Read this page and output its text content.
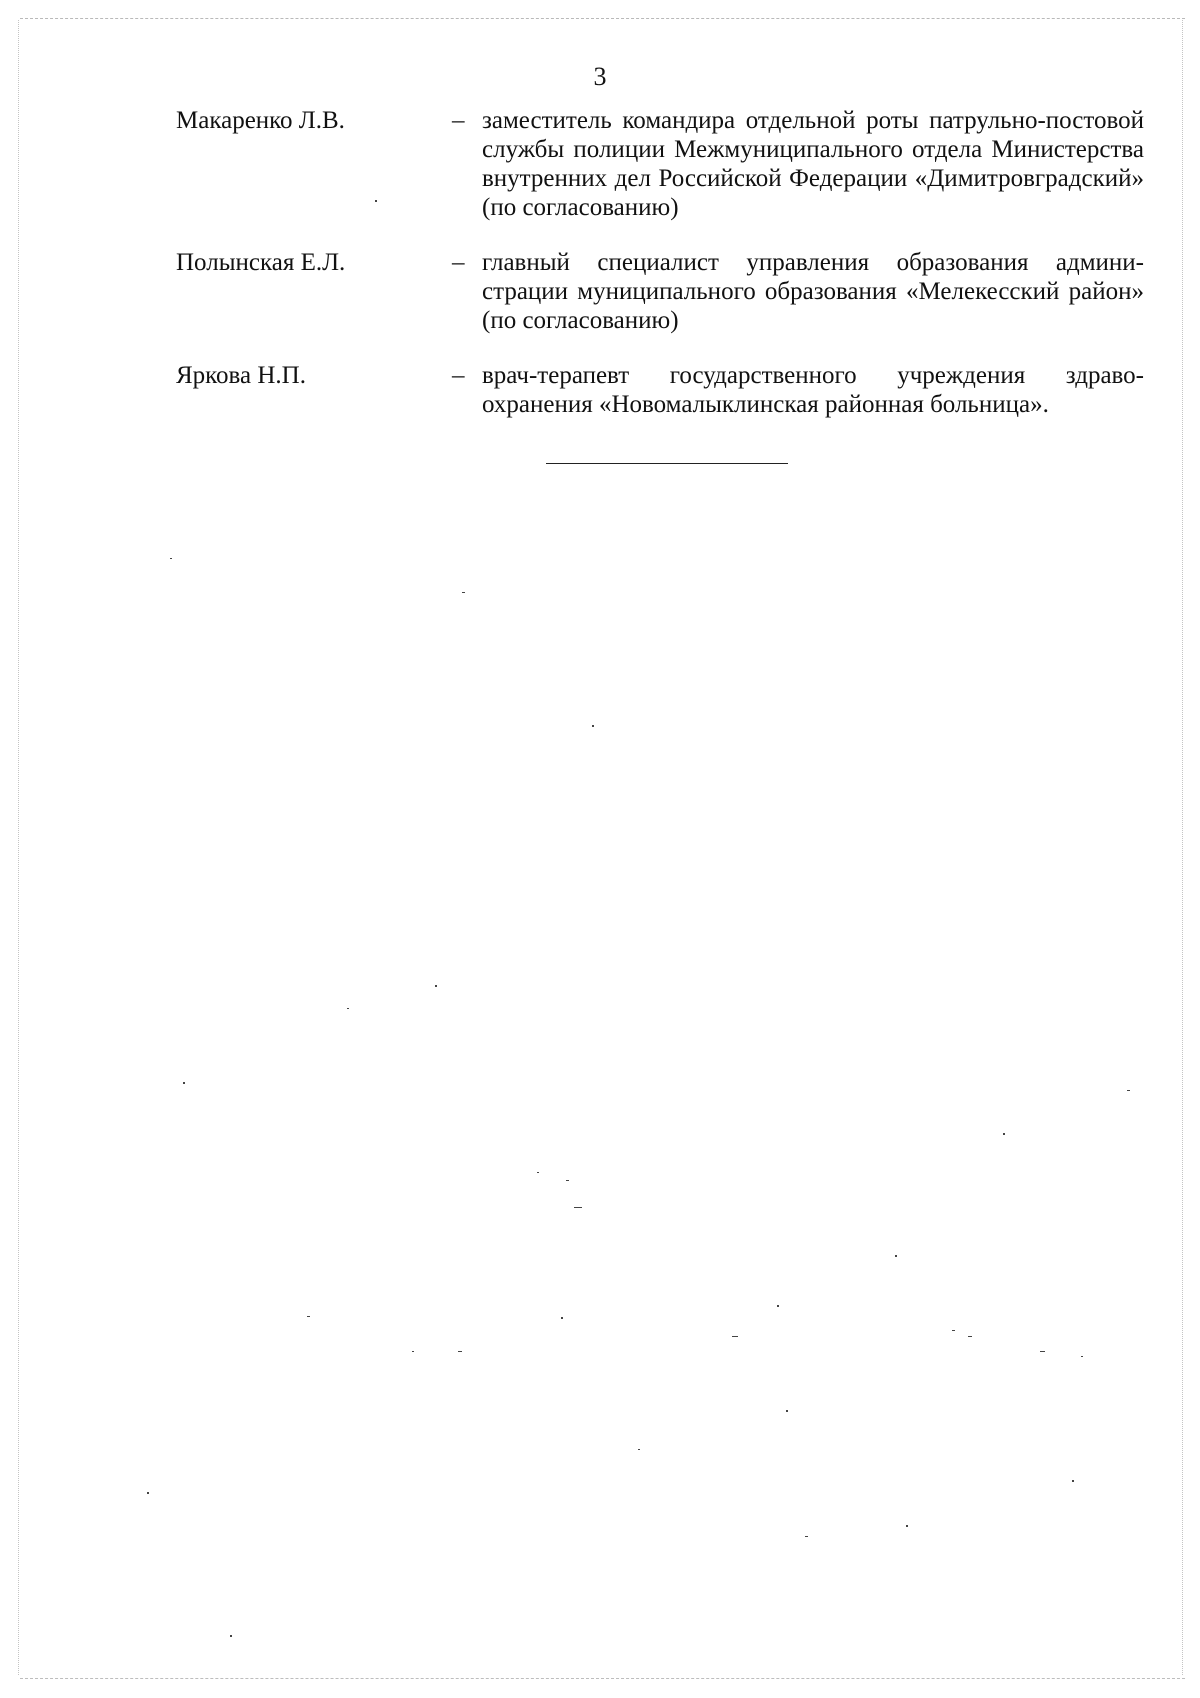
3
Макаренко Л.В.	– заместитель командира отдельной роты патрульно-постовой службы полиции Межмуниципального отдела Министерства внутренних дел Российской Федерации «Димитровградский» (по согласованию)
Полынская Е.Л.	– главный специалист управления образования админи-страции муниципального образования «Мелекесский район» (по согласованию)
Яркова Н.П.	– врач-терапевт государственного учреждения здраво-охранения «Новомалыклинская районная больница».
